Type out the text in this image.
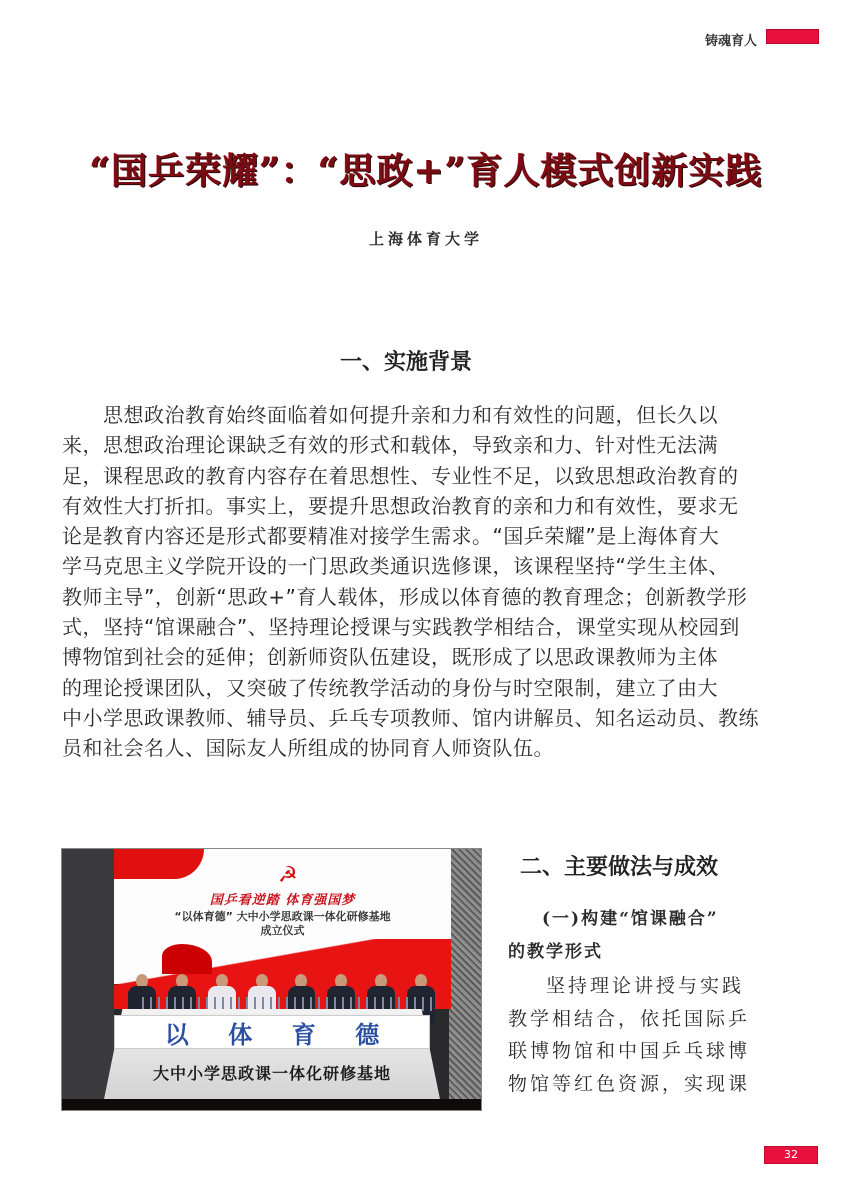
铸魂育人
“国乒荣耀”：“思政+”育人模式创新实践
上海体育大学
一、实施背景
　　思想政治教育始终面临着如何提升亲和力和有效性的问题，但长久以
来，思想政治理论课缺乏有效的形式和载体，导致亲和力、针对性无法满
足，课程思政的教育内容存在着思想性、专业性不足，以致思想政治教育的
有效性大打折扣。事实上，要提升思想政治教育的亲和力和有效性，要求无
论是教育内容还是形式都要精准对接学生需求。“国乒荣耀”是上海体育大
学马克思主义学院开设的一门思政类通识选修课，该课程坚持“学生主体、
教师主导”，创新“思政+”育人载体，形成以体育德的教育理念；创新教学形
式，坚持“馆课融合”、坚持理论授课与实践教学相结合，课堂实现从校园到
博物馆到社会的延伸；创新师资队伍建设，既形成了以思政课教师为主体
的理论授课团队，又突破了传统教学活动的身份与时空限制，建立了由大
中小学思政课教师、辅导员、乒乓专项教师、馆内讲解员、知名运动员、教练
员和社会名人、国际友人所组成的协同育人师资队伍。
☭
国乒看逆踏 体育强国梦
“以体育德” 大中小学思政课一体化研修基地
成立仪式
以 体 育 德
大中小学思政课一体化研修基地
二、主要做法与成效
(一)构建“馆课融合”
的教学形式
坚持理论讲授与实践
教学相结合，依托国际乒
联博物馆和中国乒乓球博
物馆等红色资源，实现课
32
